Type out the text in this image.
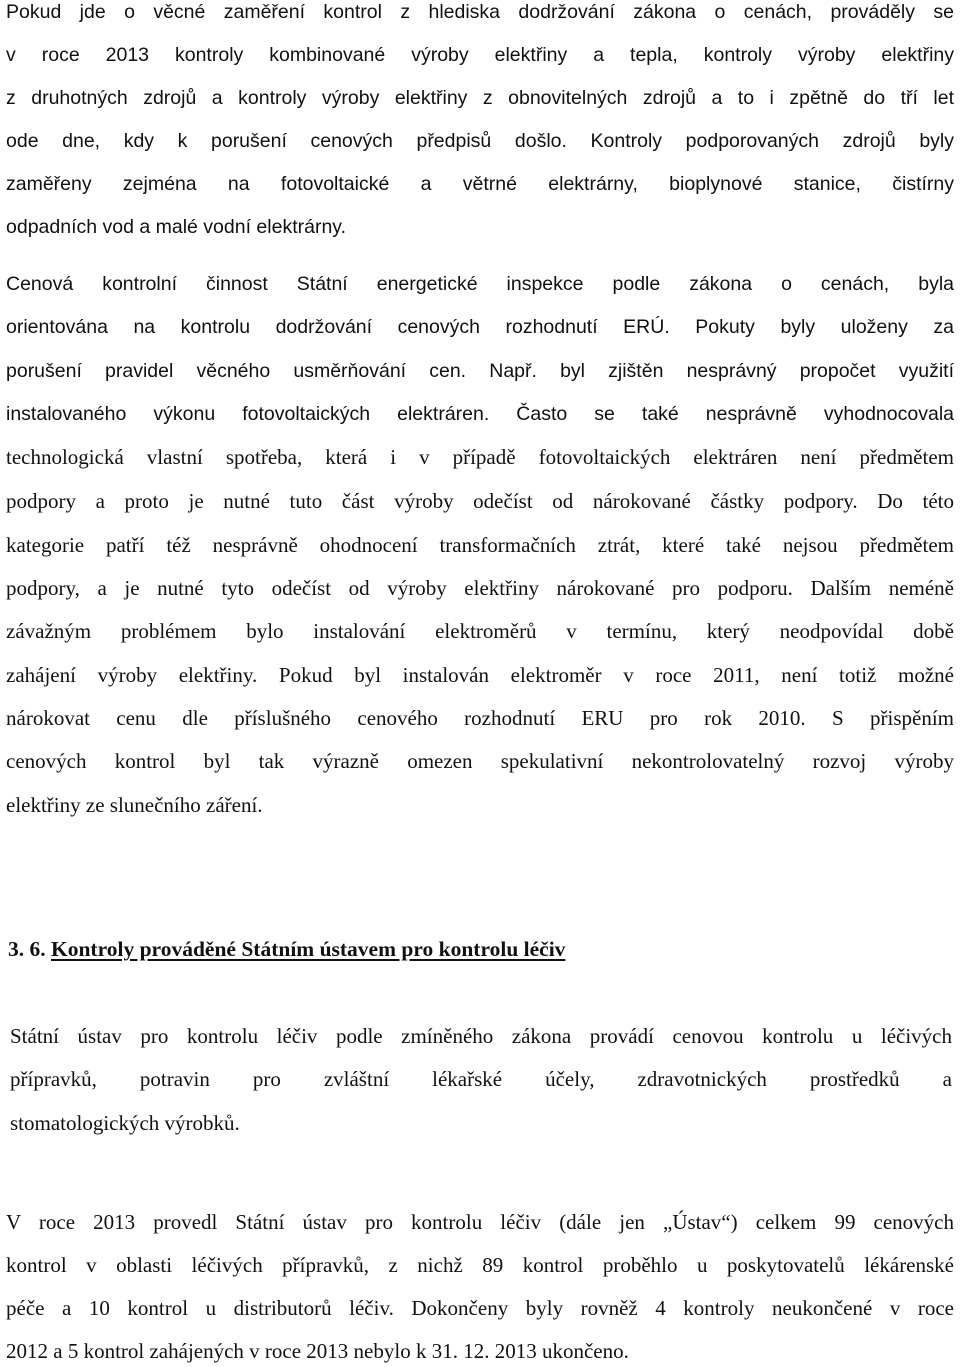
Pokud jde o věcné zaměření kontrol z hlediska dodržování zákona o cenách, prováděly se

v roce 2013 kontroly kombinované výroby elektřiny a tepla, kontroly výroby elektřiny

z druhotných zdrojů a kontroly výroby elektřiny z obnovitelných zdrojů a to i zpětně do tří let

ode dne, kdy k porušení cenových předpisů došlo. Kontroly podporovaných zdrojů byly

zaměřeny zejména na fotovoltaické a větrné elektrárny, bioplynové stanice, čistírny

odpadních vod a malé vodní elektrárny.

Cenová kontrolní činnost Státní energetické inspekce podle zákona o cenách, byla

orientována na kontrolu dodržování cenových rozhodnutí ERÚ. Pokuty byly uloženy za

porušení pravidel věcného usměrňování cen. Např. byl zjištěn nesprávný propočet využití

instalovaného výkonu fotovoltaických elektráren. Často se také nesprávně vyhodnocovala

technologická vlastní spotřeba, která i v případě fotovoltaických elektráren není předmětem

podpory a proto je nutné tuto část výroby odečíst od nárokované částky podpory. Do této

kategorie patří též nesprávně ohodnocení transformačních ztrát, které také nejsou předmětem

podpory, a je nutné tyto odečíst od výroby elektřiny nárokované pro podporu. Dalším neméně

závažným problémem bylo instalování elektroměrů v termínu, který neodpovídal době

zahájení výroby elektřiny. Pokud byl instalován elektroměr v roce 2011, není totiž možné

nárokovat cenu dle příslušného cenového rozhodnutí ERU pro rok 2010. S přispěním

cenových kontrol byl tak výrazně omezen spekulativní nekontrolovatelný rozvoj výroby

elektřiny ze slunečního záření.

3. 6. Kontroly prováděné Státním ústavem pro kontrolu léčiv

Státní ústav pro kontrolu léčiv podle zmíněného zákona provádí cenovou kontrolu u léčivých

přípravků, potravin pro zvláštní lékařské účely, zdravotnických prostředků a

stomatologických výrobků.

V roce 2013 provedl Státní ústav pro kontrolu léčiv (dále jen „Ústav“) celkem 99 cenových

kontrol v oblasti léčivých přípravků, z nichž 89 kontrol proběhlo u poskytovatelů lékárenské

péče a 10 kontrol u distributorů léčiv. Dokončeny byly rovněž 4 kontroly neukončené v roce

2012 a 5 kontrol zahájených v roce 2013 nebylo k 31. 12. 2013 ukončeno.
